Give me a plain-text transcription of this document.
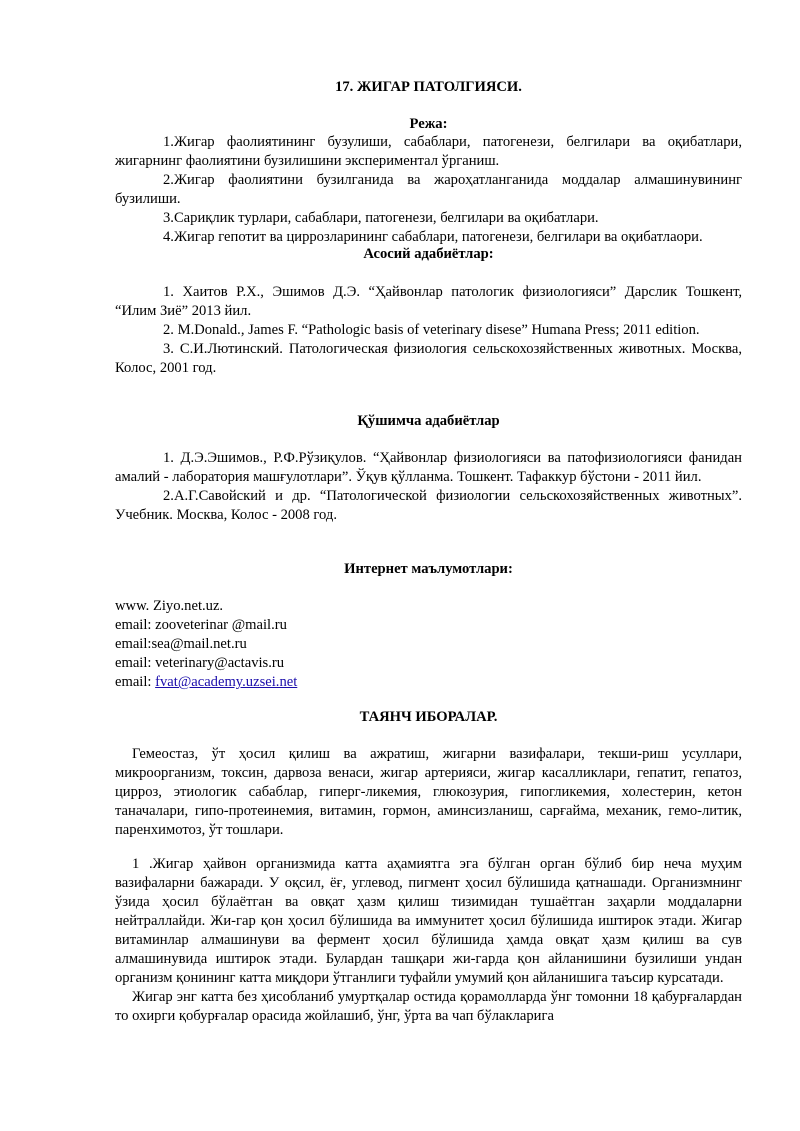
17. ЖИГАР ПАТОЛГИЯСИ.
Режа:

1.Жигар фаолиятининг бузулиши, сабаблари, патогенези, белгилари ва оқибатлари, жигарнинг фаолиятини бузилишини экспериментал ўрганиш.

2.Жигар фаолиятини бузилганида ва жароҳатланганида моддалар алмашинувининг бузилиши.

3.Сариқлик турлари, сабаблари, патогенези, белгилари ва оқибатлари.

4.Жигар гепотит ва циррозларининг сабаблари, патогенези, белгилари ва оқибатлаори.

Асосий адабиётлар:

1. Хаитов Р.Х., Эшимов Д.Э. “Ҳайвонлар патологик физиологияси” Дарслик Тошкент, “Илим Зиё” 2013 йил.

2. M.Donald., James F. “Pathologic basis of veterinary disese” Humana Press; 2011 edition.

3. С.И.Лютинский. Патологическая физиология сельскохозяйственных животных. Москва, Колос, 2001 год.

Қўшимча адабиётлар

1. Д.Э.Эшимов., Р.Ф.Рўзиқулов. “Ҳайвонлар физиологияси ва патофизиологияси фанидан амалий - лаборатория машғулотлари”. Ўқув қўлланма. Тошкент. Тафаккур бўстони - 2011 йил.

2.А.Г.Савойский и др. “Патологической физиологии сельскохозяйственных животных”. Учебник. Москва, Колос - 2008 год.

Интернет маълумотлари:

www. Ziyo.net.uz.

email: zooveterinar @mail.ru

email:sea@mail.net.ru

email: veterinary@actavis.ru

email: fvat@academy.uzsei.net

ТАЯНЧ ИБОРАЛАР.

Гемеостаз, ўт ҳосил қилиш ва ажратиш, жигарни вазифалари, текши-риш усуллари, микроорганизм, токсин, дарвоза венаси, жигар артерияси, жигар касалликлари, гепатит, гепатоз, цирроз, этиологик сабаблар, гиперг-ликемия, глюкозурия, гипогликемия, холестерин, кетон таначалари, гипо-протеинемия, витамин, гормон, аминсизланиш, сарғайма, механик, гемо-литик, паренхимотоз, ўт тошлари.

1 .Жигар ҳайвон организмида катта аҳамиятга эга бўлган орган бўлиб бир неча муҳим вазифаларни бажаради. У оқсил, ёғ, углевод, пигмент ҳосил бўлишида қатнашади. Организмнинг ўзида ҳосил бўлаётган ва овқат ҳазм қилиш тизимидан тушаётган заҳарли моддаларни нейтраллайди. Жи-гар қон ҳосил бўлишида ва иммунитет ҳосил бўлишида иштирок этади. Жигар витаминлар алмашинуви ва фермент ҳосил бўлишида ҳамда овқат ҳазм қилиш ва сув алмашинувида иштирок этади. Булардан ташқари жи-гарда қон айланишини бузилиши ундан организм қонининг катта миқдори ўтганлиги туфайли умумий қон айланишига таъсир курсатади.

Жигар энг катта без ҳисобланиб умуртқалар остида қорамолларда ўнг томонни 18 қабурғалардан то охирги қобурғалар орасида жойлашиб, ўнг, ўрта ва чап бўлакларига
